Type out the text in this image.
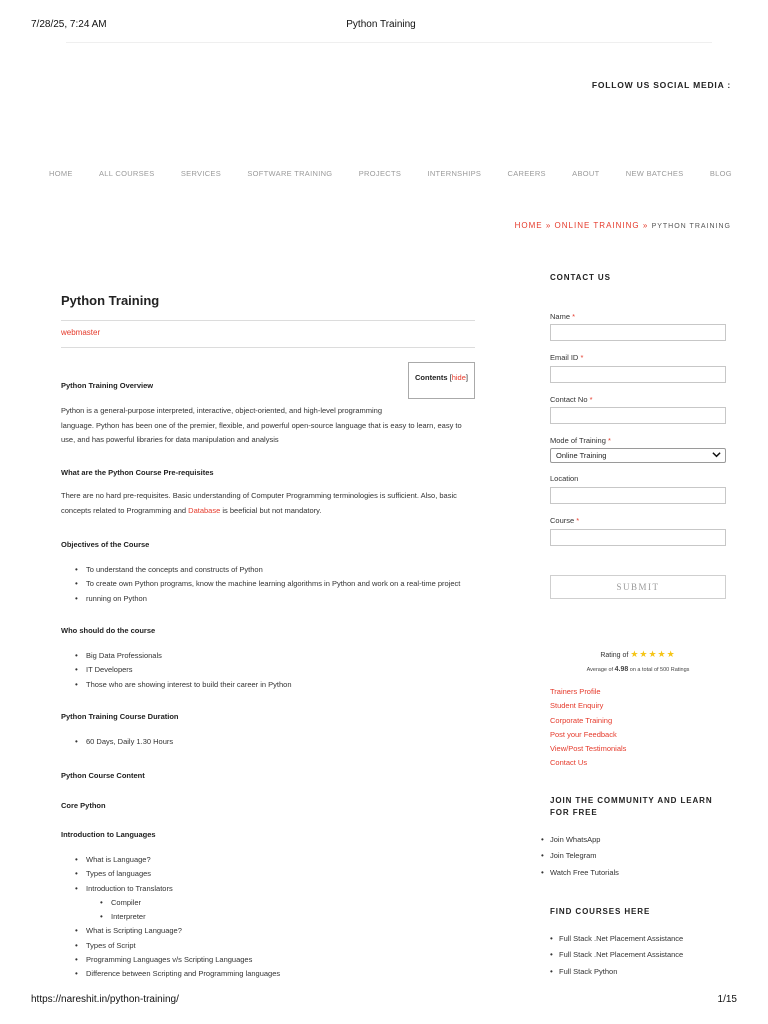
7/28/25, 7:24 AM	Python Training
FOLLOW US SOCIAL MEDIA :
HOME	ALL COURSES	SERVICES	SOFTWARE TRAINING	PROJECTS	INTERNSHIPS	CAREERS	ABOUT	NEW BATCHES	BLOG
HOME » ONLINE TRAINING » PYTHON TRAINING
Python Training
webmaster
Contents [hide]
Python Training Overview
Python is a general-purpose interpreted, interactive, object-oriented, and high-level programming
language. Python has been one of the premier, flexible, and powerful open-source language that is easy to learn, easy to
use, and has powerful libraries for data manipulation and analysis
What are the Python Course Pre-requisites
There are no hard pre-requisites. Basic understanding of Computer Programming terminologies is sufficient. Also, basic
concepts related to Programming and Database is beeficial but not mandatory.
Objectives of the Course
• To understand the concepts and constructs of Python
• To create own Python programs, know the machine learning algorithms in Python and work on a real-time project
• running on Python
Who should do the course
• Big Data Professionals
• IT Developers
• Those who are showing interest to build their career in Python
Python Training Course Duration
• 60 Days, Daily 1.30 Hours
Python Course Content
Core Python
Introduction to Languages
• What is Language?
• Types of languages
• Introduction to Translators
• Compiler
• Interpreter
• What is Scripting Language?
• Types of Script
• Programming Languages v/s Scripting Languages
• Difference between Scripting and Programming languages
CONTACT US
Name *
Email ID *
Contact No *
Mode of Training *
Online Training
Location
Course *
SUBMIT
Rating of ★★★★★
Average of 4.98 on a total of 500 Ratings
Trainers Profile
Student Enquiry
Corporate Training
Post your Feedback
View/Post Testimonials
Contact Us
JOIN THE COMMUNITY AND LEARN FOR FREE
• Join WhatsApp
• Join Telegram
• Watch Free Tutorials
FIND COURSES HERE
• Full Stack .Net Placement Assistance
• Full Stack .Net Placement Assistance
• Full Stack Python
https://nareshit.in/python-training/	1/15
